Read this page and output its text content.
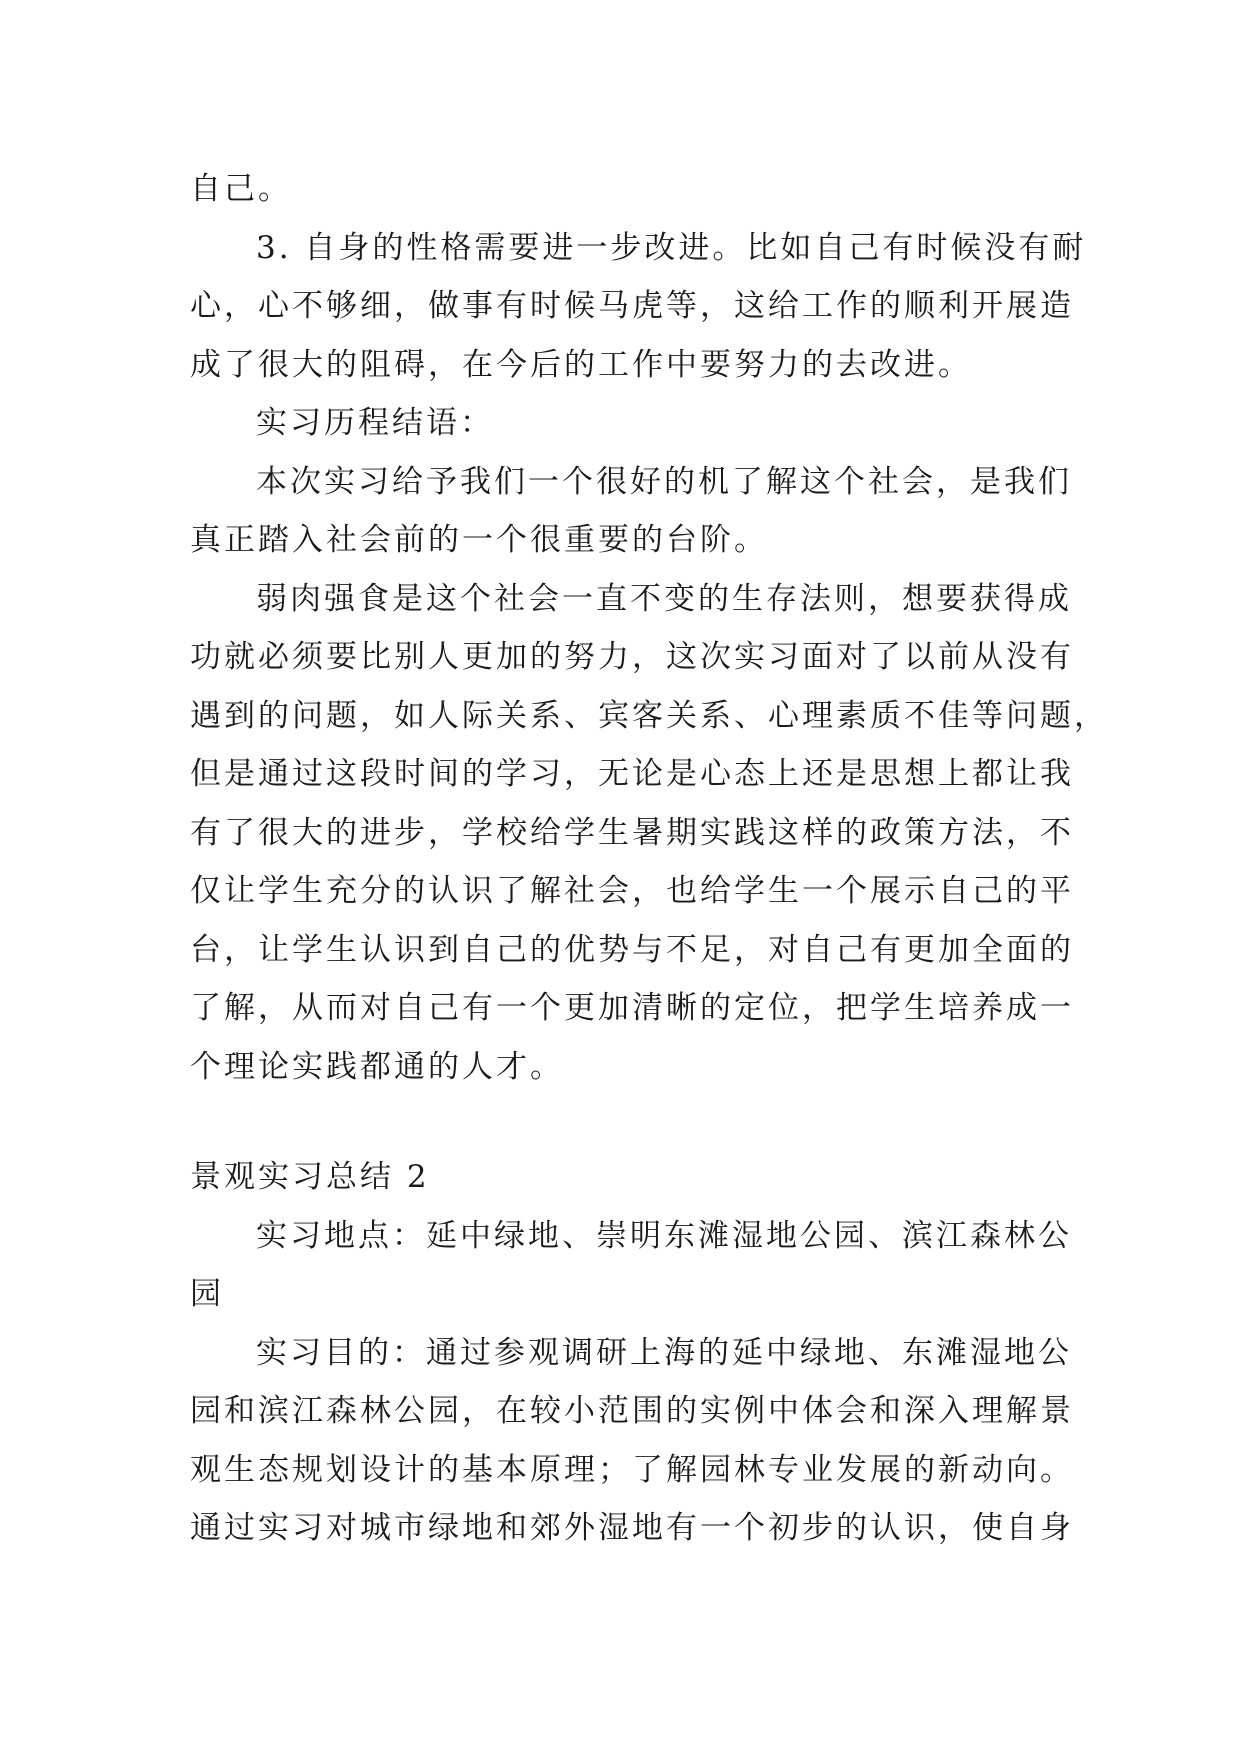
自己。
3. 自身的性格需要进一步改进。比如自己有时候没有耐
心，心不够细，做事有时候马虎等，这给工作的顺利开展造
成了很大的阻碍，在今后的工作中要努力的去改进。
实习历程结语：
本次实习给予我们一个很好的机了解这个社会，是我们
真正踏入社会前的一个很重要的台阶。
弱肉强食是这个社会一直不变的生存法则，想要获得成
功就必须要比别人更加的努力，这次实习面对了以前从没有
遇到的问题，如人际关系、宾客关系、心理素质不佳等问题，
但是通过这段时间的学习，无论是心态上还是思想上都让我
有了很大的进步，学校给学生暑期实践这样的政策方法，不
仅让学生充分的认识了解社会，也给学生一个展示自己的平
台，让学生认识到自己的优势与不足，对自己有更加全面的
了解，从而对自己有一个更加清晰的定位，把学生培养成一
个理论实践都通的人才。
景观实习总结 2
实习地点：延中绿地、崇明东滩湿地公园、滨江森林公
园
实习目的：通过参观调研上海的延中绿地、东滩湿地公
园和滨江森林公园，在较小范围的实例中体会和深入理解景
观生态规划设计的基本原理；了解园林专业发展的新动向。
通过实习对城市绿地和郊外湿地有一个初步的认识，使自身
